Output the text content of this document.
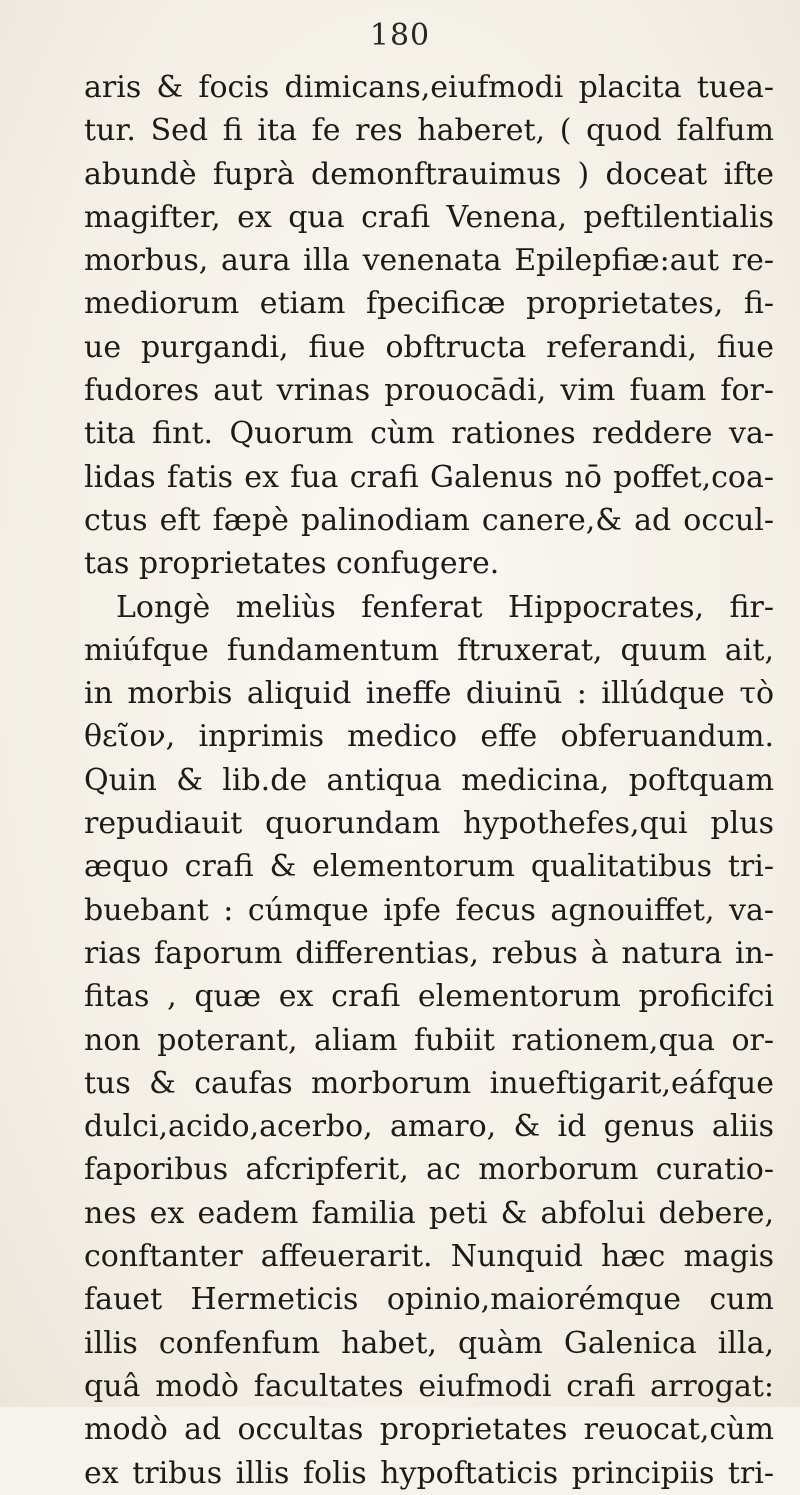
180
aris & focis dimicans,eiufmodi placita tuea-
tur. Sed fi ita fe res haberet, ( quod falfum
abundè fuprà demonftrauimus ) doceat ifte
magifter, ex qua crafi Venena, peftilentialis
morbus, aura illa venenata Epilepfiæ:aut re-
mediorum etiam fpecificæ proprietates, fi-
ue purgandi, fiue obftructa referandi, fiue
fudores aut vrinas prouocādi, vim fuam for-
tita fint. Quorum cùm rationes reddere va-
lidas fatis ex fua crafi Galenus nō poffet,coa-
ctus eft fæpè palinodiam canere,& ad occul-
tas proprietates confugere.
Longè meliùs fenferat Hippocrates, fir-
miúfque fundamentum ftruxerat, quum ait,
in morbis aliquid ineffe diuinū : illúdque τὸ
θεῖον, inprimis medico effe obferuandum.
Quin & lib.de antiqua medicina, poftquam
repudiauit quorundam hypothefes,qui plus
æquo crafi & elementorum qualitatibus tri-
buebant : cúmque ipfe fecus agnouiffet, va-
rias faporum differentias, rebus à natura in-
fitas , quæ ex crafi elementorum proficifci
non poterant, aliam fubiit rationem,qua or-
tus & caufas morborum inueftigarit,eáfque
dulci,acido,acerbo, amaro, & id genus aliis
faporibus afcripferit, ac morborum curatio-
nes ex eadem familia peti & abfolui debere,
conftanter affeuerarit. Nunquid hæc magis
fauet Hermeticis opinio,maiorémque cum
illis confenfum habet, quàm Galenica illa,
quâ modò facultates eiufmodi crafi arrogat:
modò ad occultas proprietates reuocat,cùm
ex tribus illis folis hypoftaticis principiis tri-
